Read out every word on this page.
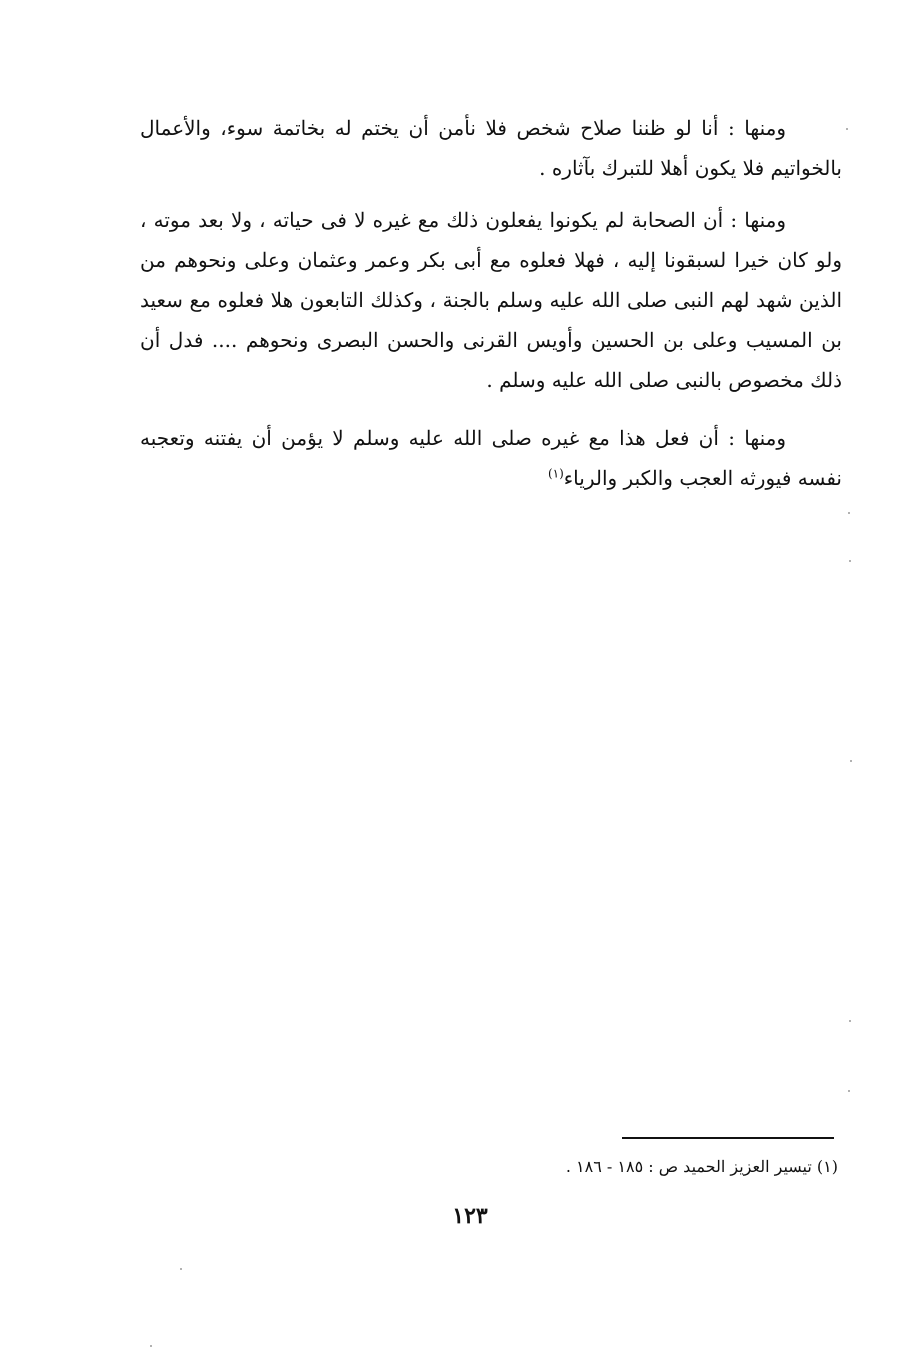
ومنها : أنا لو ظننا صلاح شخص فلا نأمن أن يختم له بخاتمة سوء، والأعمال بالخواتيم فلا يكون أهلا للتبرك بآثاره .

ومنها : أن الصحابة لم يكونوا يفعلون ذلك مع غيره لا فى حياته ، ولا بعد موته ، ولو كان خيرا لسبقونا إليه ، فهلا فعلوه مع أبى بكر وعمر وعثمان وعلى ونحوهم من الذين شهد لهم النبى صلى الله عليه وسلم بالجنة ، وكذلك التابعون هلا فعلوه مع سعيد بن المسيب وعلى بن الحسين وأويس القرنى والحسن البصرى ونحوهم .... فدل أن ذلك مخصوص بالنبى صلى الله عليه وسلم .

ومنها : أن فعل هذا مع غيره صلى الله عليه وسلم لا يؤمن أن يفتنه وتعجبه نفسه فيورثه العجب والكبر والرياء$^{(١)}$

(١) تيسير العزيز الحميد ص : ١٨٥ - ١٨٦ .

١٢٣
